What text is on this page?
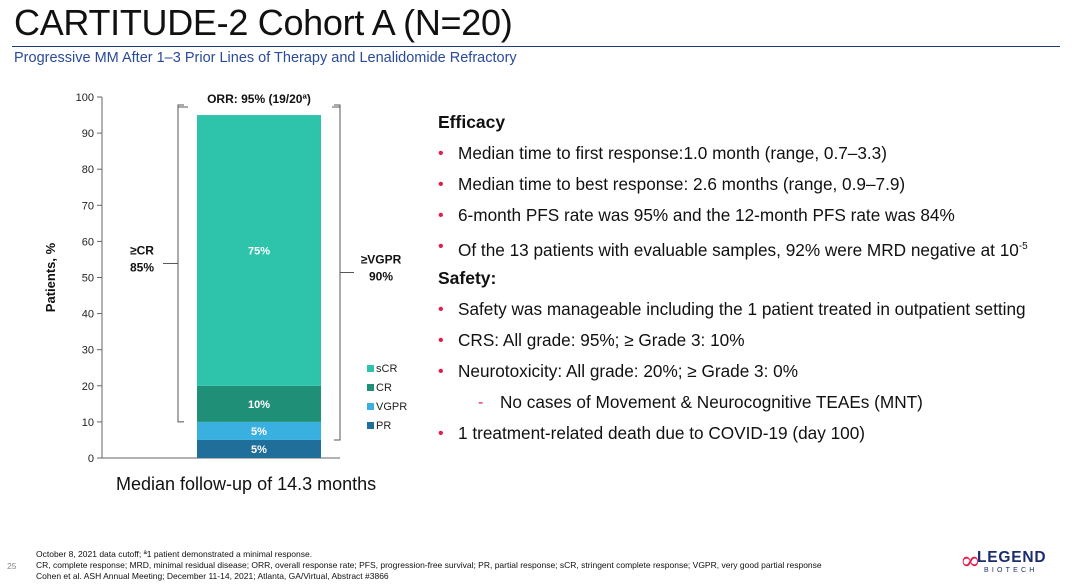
CARTITUDE-2 Cohort A (N=20)
Progressive MM After 1–3 Prior Lines of Therapy and Lenalidomide Refractory
0
10
20
30
40
50
60
70
80
90
100
Patients, %
5%
5%
10%
75%
sCR
CR
VGPR
PR
ORR: 95% (19/20ª)
≥CR
85%
≥VGPR
90%
Median follow-up of 14.3 months
Efficacy
• Median time to first response:1.0 month (range, 0.7–3.3)
• Median time to best response: 2.6 months (range, 0.9–7.9)
• 6-month PFS rate was 95% and the 12-month PFS rate was 84%
• Of the 13 patients with evaluable samples, 92% were MRD negative at $10^{-5}$
Safety:
• Safety was manageable including the 1 patient treated in outpatient setting
• CRS: All grade: 95%; ≥ Grade 3: 10%
• Neurotoxicity: All grade: 20%; ≥ Grade 3: 0%
- No cases of Movement & Neurocognitive TEAEs (MNT)
• 1 treatment-related death due to COVID-19 (day 100)
October 8, 2021 data cutoff; ª1 patient demonstrated a minimal response.
CR, complete response; MRD, minimal residual disease; ORR, overall response rate; PFS, progression-free survival; PR, partial response; sCR, stringent complete response; VGPR, very good partial response
Cohen et al. ASH Annual Meeting; December 11-14, 2021; Atlanta, GA/Virtual, Abstract #3866
25	∞
LEGEND
BIOTECH
